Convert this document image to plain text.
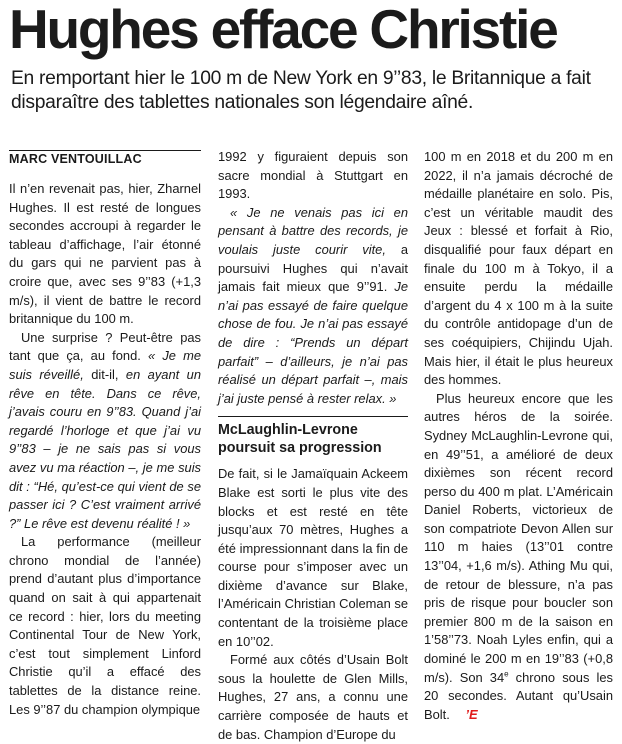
Hughes efface Christie

En remportant hier le 100 m de New York en 9’’83, le Britannique a fait disparaître des tablettes nationales son légendaire aîné.

MARC VENTOUILLAC

Il n’en revenait pas, hier, Zharnel Hughes. Il est resté de longues secondes accroupi à regarder le tableau d’affichage, l’air étonné du gars qui ne parvient pas à croire que, avec ses 9’’83 (+1,3 m/s), il vient de battre le record britannique du 100 m.

Une surprise ? Peut-être pas tant que ça, au fond. « Je me suis réveillé, dit-il, en ayant un rêve en tête. Dans ce rêve, j’avais couru en 9’’83. Quand j’ai regardé l’horloge et que j’ai vu 9’’83 – je ne sais pas si vous avez vu ma réaction –, je me suis dit : “Hé, qu’est-ce qui vient de se passer ici ? C’est vraiment arrivé ?” Le rêve est devenu réalité ! »

La performance (meilleur chrono mondial de l’année) prend d’autant plus d’importance quand on sait à qui appartenait ce record : hier, lors du meeting Continental Tour de New York, c’est tout simplement Linford Christie qu’il a effacé des tablettes de la distance reine. Les 9’’87 du champion olympique

1992 y figuraient depuis son sacre mondial à Stuttgart en 1993.

« Je ne venais pas ici en pensant à battre des records, je voulais juste courir vite, a poursuivi Hughes qui n’avait jamais fait mieux que 9’’91. Je n’ai pas essayé de faire quelque chose de fou. Je n’ai pas essayé de dire : “Prends un départ parfait” – d’ailleurs, je n’ai pas réalisé un départ parfait –, mais j’ai juste pensé à rester relax. »

McLaughlin-Levrone poursuit sa progression

De fait, si le Jamaïquain Ackeem Blake est sorti le plus vite des blocks et est resté en tête jusqu’aux 70 mètres, Hughes a été impressionnant dans la fin de course pour s’imposer avec un dixième d’avance sur Blake, l’Américain Christian Coleman se contentant de la troisième place en 10’’02.

Formé aux côtés d’Usain Bolt sous la houlette de Glen Mills, Hughes, 27 ans, a connu une carrière composée de hauts et de bas. Champion d’Europe du

100 m en 2018 et du 200 m en 2022, il n’a jamais décroché de médaille planétaire en solo. Pis, c’est un véritable maudit des Jeux : blessé et forfait à Rio, disqualifié pour faux départ en finale du 100 m à Tokyo, il a ensuite perdu la médaille d’argent du 4 x 100 m à la suite du contrôle antidopage d’un de ses coéquipiers, Chijindu Ujah. Mais hier, il était le plus heureux des hommes.

Plus heureux encore que les autres héros de la soirée. Sydney McLaughlin-Levrone qui, en 49’’51, a amélioré de deux dixièmes son récent record perso du 400 m plat. L’Américain Daniel Roberts, victorieux de son compatriote Devon Allen sur 110 m haies (13’’01 contre 13’’04, +1,6 m/s). Athing Mu qui, de retour de blessure, n’a pas pris de risque pour boucler son premier 800 m de la saison en 1’58’’73. Noah Lyles enfin, qui a dominé le 200 m en 19’’83 (+0,8 m/s). Son 34e chrono sous les 20 secondes. Autant qu’Usain Bolt. ’E
